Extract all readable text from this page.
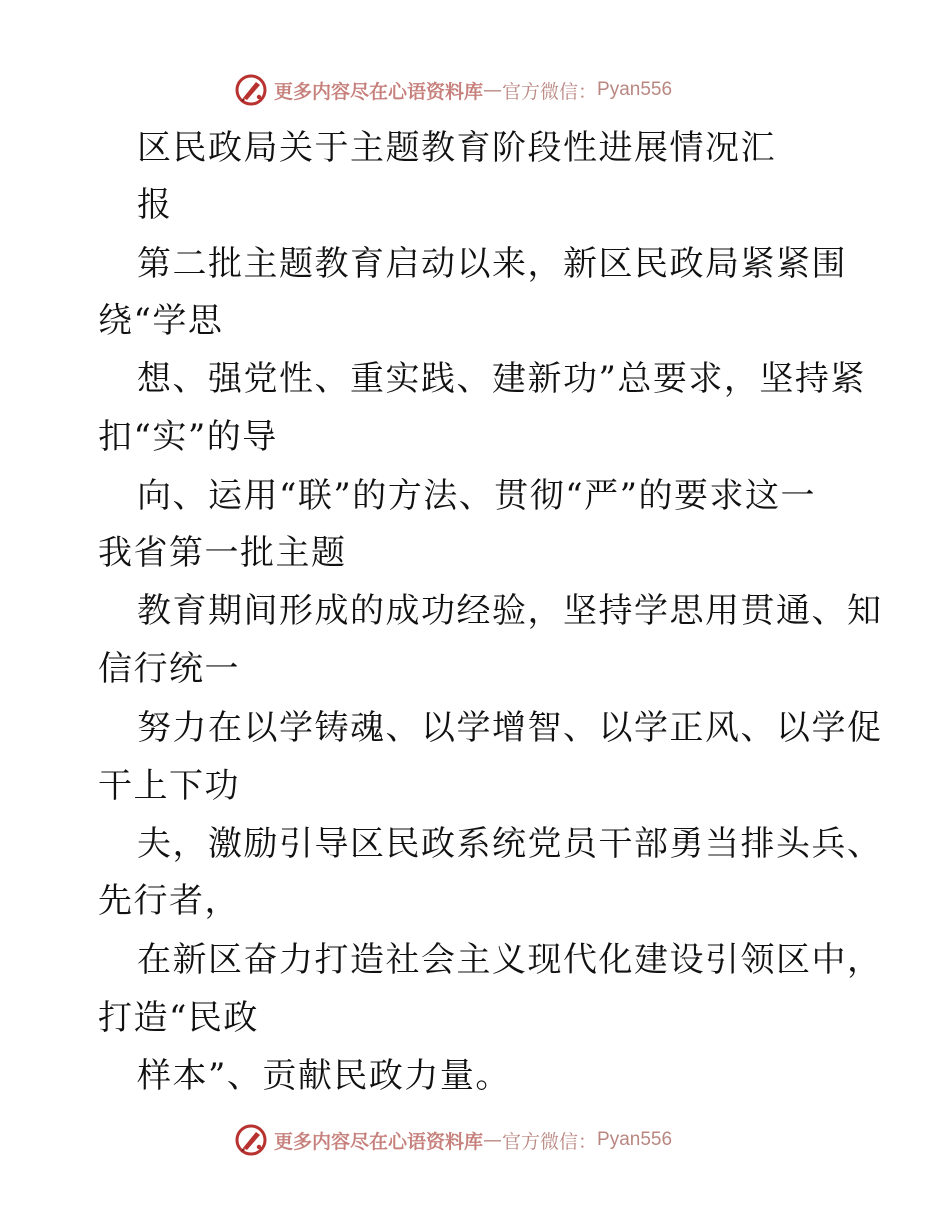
更多内容尽在心语资料库 — 官方微信： Pyan556
区民政局关于主题教育阶段性进展情况汇
报
第二批主题教育启动以来，新区民政局紧紧围
绕“学思
想、强党性、重实践、建新功”总要求，坚持紧
扣“实”的导
向、运用“联”的方法、贯彻“严”的要求这一
我省第一批主题
教育期间形成的成功经验，坚持学思用贯通、知
信行统一
努力在以学铸魂、以学增智、以学正风、以学促
干上下功
夫，激励引导区民政系统党员干部勇当排头兵、
先行者，
在新区奋力打造社会主义现代化建设引领区中，
打造“民政
样本”、贡献民政力量。
更多内容尽在心语资料库 — 官方微信： Pyan556
